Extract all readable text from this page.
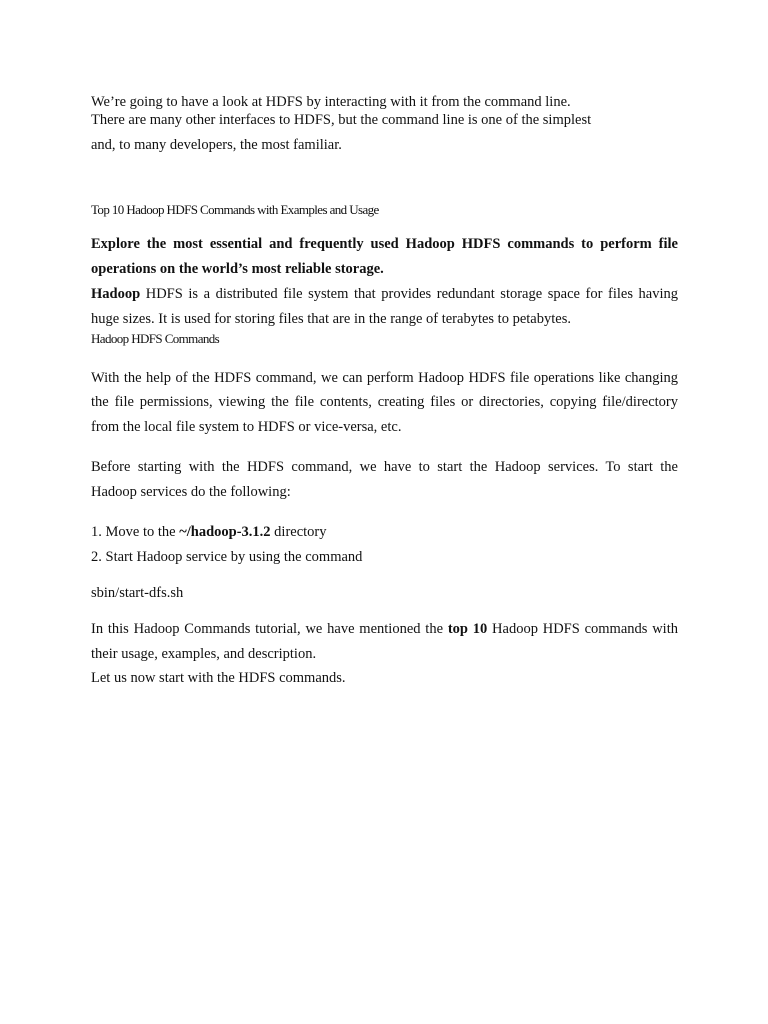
We’re going to have a look at HDFS by interacting with it from the command line.
There are many other interfaces to HDFS, but the command line is one of the simplest
and, to many developers, the most familiar.
Top 10 Hadoop HDFS Commands with Examples and Usage
Explore the most essential and frequently used Hadoop HDFS commands to perform file
operations on the world’s most reliable storage.
Hadoop HDFS is a distributed file system that provides redundant storage space for files having
huge sizes. It is used for storing files that are in the range of terabytes to petabytes.
Hadoop HDFS Commands
With the help of the HDFS command, we can perform Hadoop HDFS file operations like changing
the file permissions, viewing the file contents, creating files or directories, copying file/directory
from the local file system to HDFS or vice-versa, etc.
Before starting with the HDFS command, we have to start the Hadoop services. To start the
Hadoop services do the following:
1. Move to the ~/hadoop-3.1.2 directory
2. Start Hadoop service by using the command
sbin/start-dfs.sh
In this Hadoop Commands tutorial, we have mentioned the top 10 Hadoop HDFS commands with
their usage, examples, and description.
Let us now start with the HDFS commands.
